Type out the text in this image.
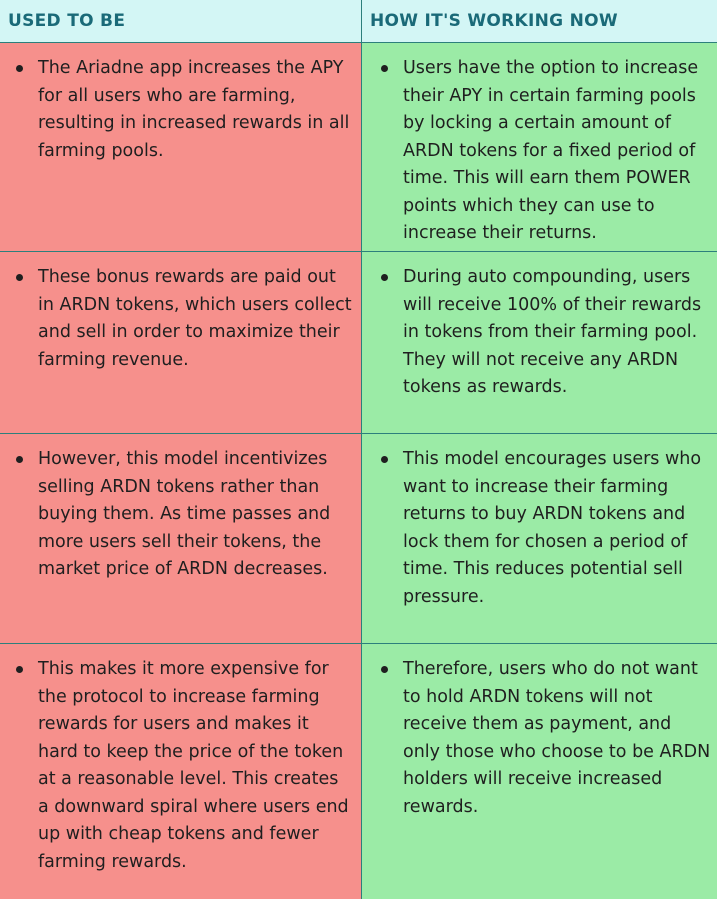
USED TO BE	HOW IT'S WORKING NOW
The Ariadne app increases the APY for all users who are farming, resulting in increased rewards in all farming pools.
Users have the option to increase their APY in certain farming pools by locking a certain amount of ARDN tokens for a fixed period of time. This will earn them POWER points which they can use to increase their returns.
These bonus rewards are paid out in ARDN tokens, which users collect and sell in order to maximize their farming revenue.
During auto compounding, users will receive 100% of their rewards in tokens from their farming pool. They will not receive any ARDN tokens as rewards.
However, this model incentivizes selling ARDN tokens rather than buying them. As time passes and more users sell their tokens, the market price of ARDN decreases.
This model encourages users who want to increase their farming returns to buy ARDN tokens and lock them for chosen a period of time. This reduces potential sell pressure.
This makes it more expensive for the protocol to increase farming rewards for users and makes it hard to keep the price of the token at a reasonable level. This creates a downward spiral where users end up with cheap tokens and fewer farming rewards.
Therefore, users who do not want to hold ARDN tokens will not receive them as payment, and only those who choose to be ARDN holders will receive increased rewards.
